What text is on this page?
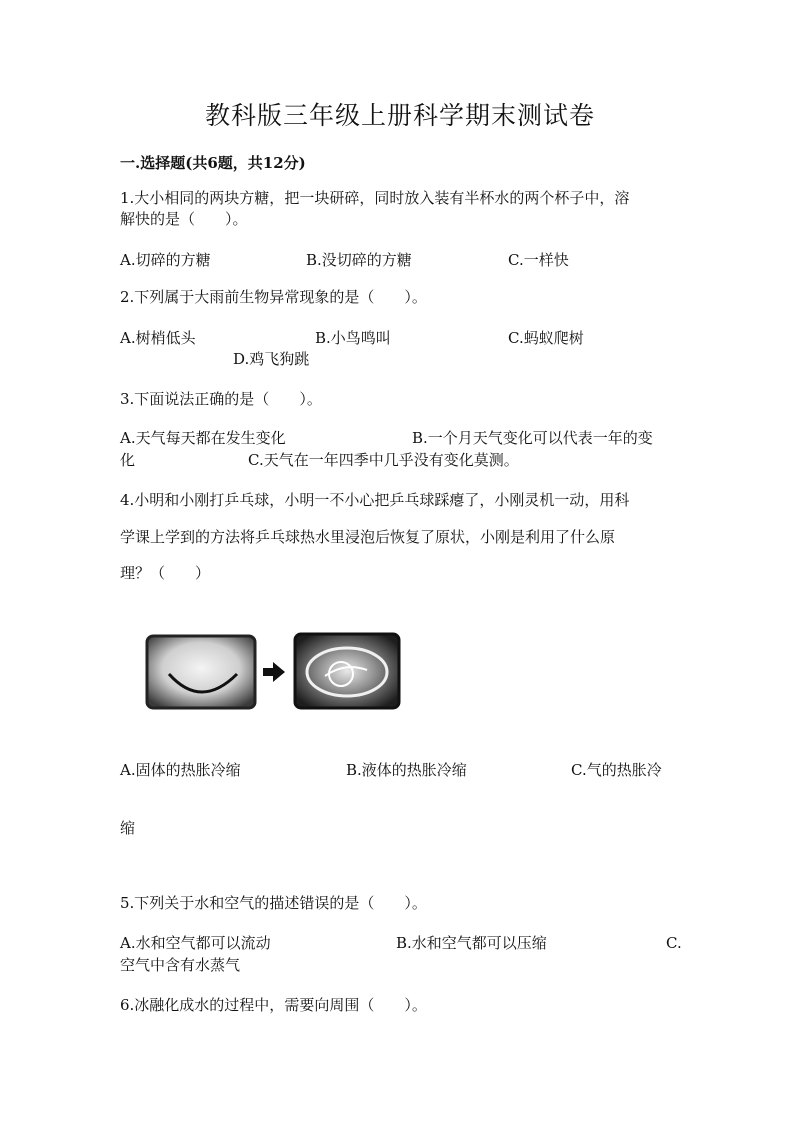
教科版三年级上册科学期末测试卷
一.选择题(共6题，共12分)
1.大小相同的两块方糖，把一块研碎，同时放入装有半杯水的两个杯子中，溶
解快的是（　　）。
A.切碎的方糖	B.没切碎的方糖	C.一样快
2.下列属于大雨前生物异常现象的是（　　）。
A.树梢低头	B.小鸟鸣叫	C.蚂蚁爬树
D.鸡飞狗跳
3.下面说法正确的是（　　）。
A.天气每天都在发生变化	B.一个月天气变化可以代表一年的变
化	C.天气在一年四季中几乎没有变化莫测。
4.小明和小刚打乒乓球，小明一不小心把乒乓球踩瘪了，小刚灵机一动，用科
学课上学到的方法将乒乓球热水里浸泡后恢复了原状，小刚是利用了什么原
理？（　　）
A.固体的热胀冷缩	B.液体的热胀冷缩	C.气的热胀冷
缩
5.下列关于水和空气的描述错误的是（　　）。
A.水和空气都可以流动	B.水和空气都可以压缩	C.
空气中含有水蒸气
6.冰融化成水的过程中，需要向周围（　　）。
